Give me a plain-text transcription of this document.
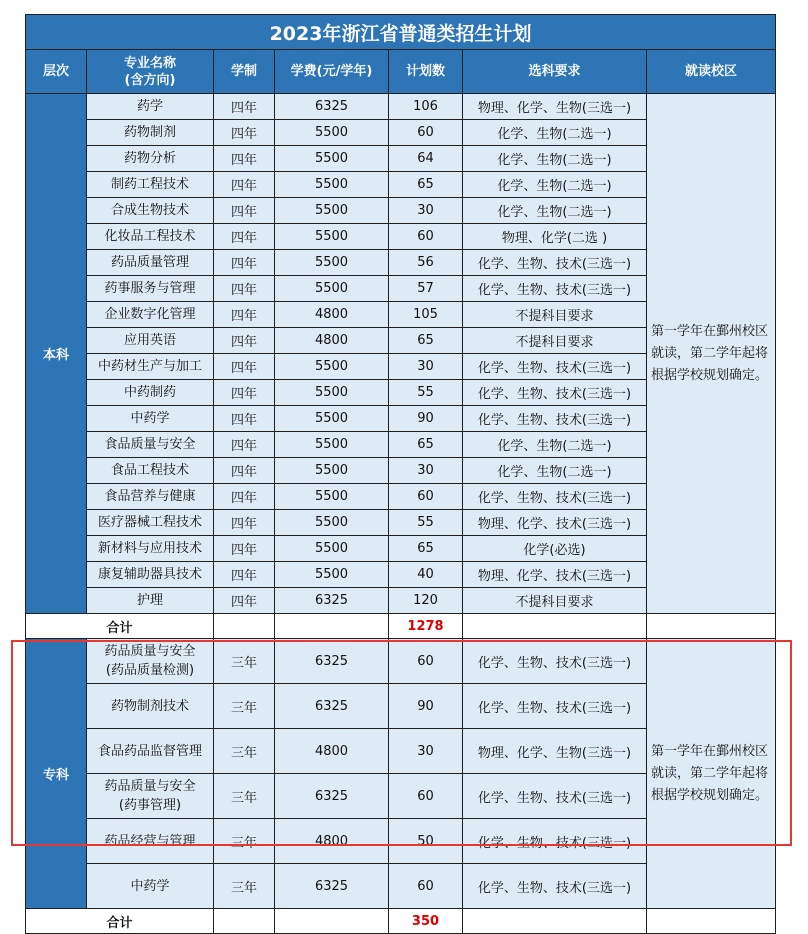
2023年浙江省普通类招生计划						
层次	专业名称
(含方向)	学制	学费(元/学年)	计划数	选科要求	就读校区
本科	药学	四年	6325	106	物理、化学、生物(三选一)	第一学年在鄞州校区就读，第二学年起将根据学校规划确定。

	药物制剂	四年	5500	60	化学、生物(二选一)	

	药物分析	四年	5500	64	化学、生物(二选一)	

	制药工程技术	四年	5500	65	化学、生物(二选一)	

	合成生物技术	四年	5500	30	化学、生物(二选一)	

	化妆品工程技术	四年	5500	60	物理、化学(二选 )	

	药品质量管理	四年	5500	56	化学、生物、技术(三选一)	

	药事服务与管理	四年	5500	57	化学、生物、技术(三选一)	

	企业数字化管理	四年	4800	105	不提科目要求	

	应用英语	四年	4800	65	不提科目要求	

	中药材生产与加工	四年	5500	30	化学、生物、技术(三选一)	

	中药制药	四年	5500	55	化学、生物、技术(三选一)	

	中药学	四年	5500	90	化学、生物、技术(三选一)	

	食品质量与安全	四年	5500	65	化学、生物(二选一)	

	食品工程技术	四年	5500	30	化学、生物(二选一)	

	食品营养与健康	四年	5500	60	化学、生物、技术(三选一)	

	医疗器械工程技术	四年	5500	55	物理、化学、技术(三选一)	

	新材料与应用技术	四年	5500	65	化学(必选)	

	康复辅助器具技术	四年	5500	40	物理、化学、技术(三选一)	

	护理	四年	6325	120	不提科目要求	
合计				1278		
专科	药品质量与安全
(药品质量检测)	三年	6325	60	化学、生物、技术(三选一)	第一学年在鄞州校区就读，第二学年起将根据学校规划确定。

	药物制剂技术	三年	6325	90	化学、生物、技术(三选一)	

	食品药品监督管理	三年	4800	30	物理、化学、生物(三选一)	

	药品质量与安全
(药事管理)	三年	6325	60	化学、生物、技术(三选一)	

	药品经营与管理	三年	4800	50	化学、生物、技术(三选一)	

	中药学	三年	6325	60	化学、生物、技术(三选一)	
合计				350		
